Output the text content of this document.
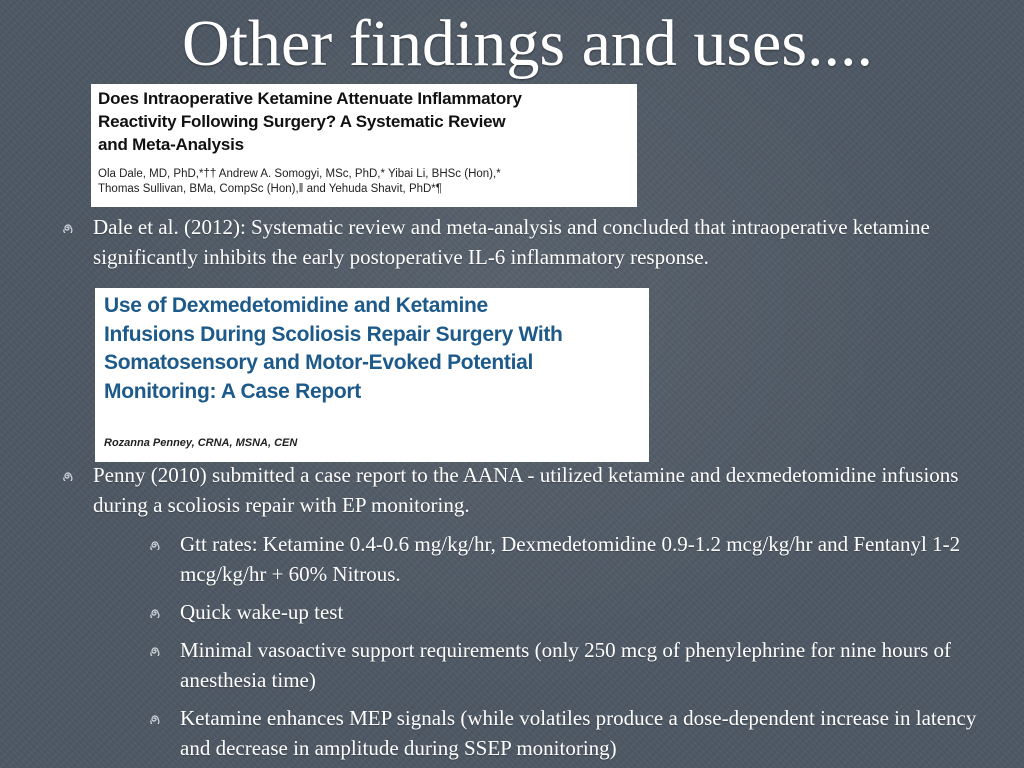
Other findings and uses....
Does Intraoperative Ketamine Attenuate Inflammatory
Reactivity Following Surgery? A Systematic Review
and Meta-Analysis
Ola Dale, MD, PhD,*†† Andrew A. Somogyi, MSc, PhD,* Yibai Li, BHSc (Hon),*
Thomas Sullivan, BMa, CompSc (Hon),‖ and Yehuda Shavit, PhD*¶
Dale et al. (2012): Systematic review and meta-analysis and concluded that intraoperative ketamine significantly inhibits the early postoperative IL-6 inflammatory response.
Use of Dexmedetomidine and Ketamine
Infusions During Scoliosis Repair Surgery With
Somatosensory and Motor-Evoked Potential
Monitoring: A Case Report
Rozanna Penney, CRNA, MSNA, CEN
Penny (2010) submitted a case report to the AANA - utilized ketamine and dexmedetomidine infusions during a scoliosis repair with EP monitoring.
Gtt rates: Ketamine 0.4-0.6 mg/kg/hr, Dexmedetomidine 0.9-1.2 mcg/kg/hr and Fentanyl 1-2 mcg/kg/hr + 60% Nitrous.
Quick wake-up test
Minimal vasoactive support requirements (only 250 mcg of phenylephrine for nine hours of anesthesia time)
Ketamine enhances MEP signals (while volatiles produce a dose-dependent increase in latency and decrease in amplitude during SSEP monitoring)
